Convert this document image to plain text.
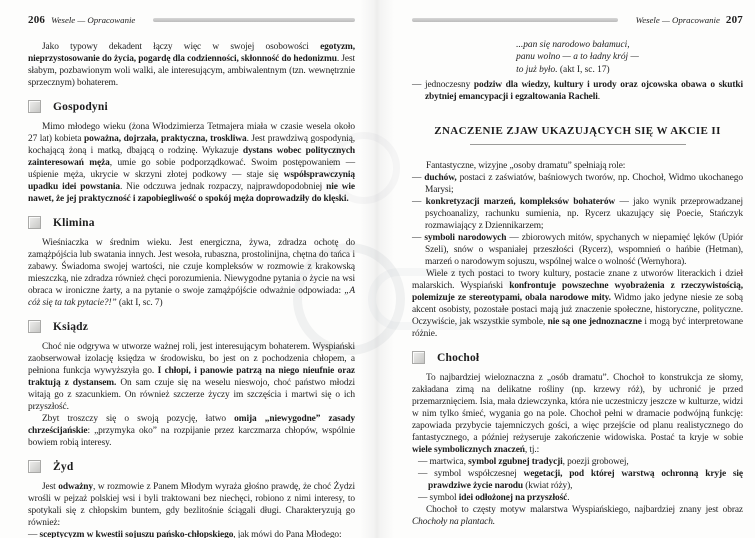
206 Wesele — Opracowanie

Jako typowy dekadent łączy więc w swojej osobowości egotyzm, nieprzystosowanie do życia, pogardę dla codzienności, skłonność do hedonizmu. Jest słabym, pozbawionym woli walki, ale interesującym, ambiwalentnym (tzn. wewnętrznie sprzecznym) bohaterem.

Gospodyni

Mimo młodego wieku (żona Włodzimierza Tetmajera miała w czasie wesela około 27 lat) kobieta poważna, dojrzała, praktyczna, troskliwa. Jest prawdziwą gospodynią, kochającą żoną i matką, dbającą o rodzinę. Wykazuje dystans wobec politycznych zainteresowań męża, umie go sobie podporządkować. Swoim postępowaniem — uśpienie męża, ukrycie w skrzyni złotej podkowy — staje się współsprawczynią upadku idei powstania. Nie odczuwa jednak rozpaczy, najprawdopodobniej nie wie nawet, że jej praktyczność i zapobiegliwość o spokój męża doprowadziły do klęski.

Klimina

Wieśniaczka w średnim wieku. Jest energiczna, żywa, zdradza ochotę do zamążpójścia lub swatania innych. Jest wesoła, rubaszna, prostolinijna, chętna do tańca i zabawy. Świadoma swojej wartości, nie czuje kompleksów w rozmowie z krakowską mieszczką, nie zdradza również chęci porozumienia. Niewygodne pytania o życie na wsi obraca w ironiczne żarty, a na pytanie o swoje zamążpójście odważnie odpowiada: „A cóż się ta tak pytacie?!” (akt I, sc. 7)

Ksiądz

Choć nie odgrywa w utworze ważnej roli, jest interesującym bohaterem. Wyspiański zaobserwował izolację księdza w środowisku, bo jest on z pochodzenia chłopem, a pełniona funkcja wywyższyła go. I chłopi, i panowie patrzą na niego nieufnie oraz traktują z dystansem. On sam czuje się na weselu nieswojo, choć państwo młodzi witają go z szacunkiem. On również szczerze życzy im szczęścia i martwi się o ich przyszłość.

Zbyt troszczy się o swoją pozycję, łatwo omija „niewygodne” zasady chrześcijańskie: „przymyka oko” na rozpijanie przez karczmarza chłopów, wspólnie bowiem robią interesy.

Żyd

Jest odważny, w rozmowie z Panem Młodym wyraża głośno prawdę, że choć Żydzi wrośli w pejzaż polskiej wsi i byli traktowani bez niechęci, robiono z nimi interesy, to spotykali się z chłopskim buntem, gdy bezlitośnie ściągali długi. Charakteryzują go również:

— sceptycyzm w kwestii sojuszu pańsko-chłopskiego, jak mówi do Pana Młodego:

Wesele — Opracowanie 207
...pan się narodowo bałamuci,
panu wolno — a to ładny krój —
to już było. (akt I, sc. 17)

— jednoczesny podziw dla wiedzy, kultury i urody oraz ojcowska obawa o skutki zbytniej emancypacji i egzaltowania Racheli.

ZNACZENIE ZJAW UKAZUJĄCYCH SIĘ W AKCIE II

Fantastyczne, wizyjne „osoby dramatu” spełniają role:

— duchów, postaci z zaświatów, baśniowych tworów, np. Chochoł, Widmo ukochanego Marysi;

— konkretyzacji marzeń, kompleksów bohaterów — jako wynik przeprowadzanej psychoanalizy, rachunku sumienia, np. Rycerz ukazujący się Poecie, Stańczyk rozmawiający z Dziennikarzem;

— symboli narodowych — zbiorowych mitów, spychanych w niepamięć lęków (Upiór Szeli), snów o wspaniałej przeszłości (Rycerz), wspomnień o hańbie (Hetman), marzeń o narodowym sojuszu, wspólnej walce o wolność (Wernyhora).

Wiele z tych postaci to twory kultury, postacie znane z utworów literackich i dzieł malarskich. Wyspiański konfrontuje powszechne wyobrażenia z rzeczywistością, polemizuje ze stereotypami, obala narodowe mity. Widmo jako jedyne niesie ze sobą akcent osobisty, pozostałe postaci mają już znaczenie społeczne, historyczne, polityczne. Oczywiście, jak wszystkie symbole, nie są one jednoznaczne i mogą być interpretowane różnie.

Chochoł

To najbardziej wieloznaczna z „osób dramatu”. Chochoł to konstrukcja ze słomy, zakładana zimą na delikatne rośliny (np. krzewy róż), by uchronić je przed przemarznięciem. Isia, mała dziewczynka, która nie uczestniczy jeszcze w kulturze, widzi w nim tylko śmieć, wygania go na pole. Chochoł pełni w dramacie podwójną funkcję: zapowiada przybycie tajemniczych gości, a więc przejście od planu realistycznego do fantastycznego, a później reżyseruje zakończenie widowiska. Postać ta kryje w sobie wiele symbolicznych znaczeń, tj.:

— martwica, symbol zgubnej tradycji, poezji grobowej,

— symbol współczesnej wegetacji, pod której warstwą ochronną kryje się prawdziwe życie narodu (kwiat róży),

— symbol idei odłożonej na przyszłość.

Chochoł to częsty motyw malarstwa Wyspiańskiego, najbardziej znany jest obraz Chochoły na plantach.
